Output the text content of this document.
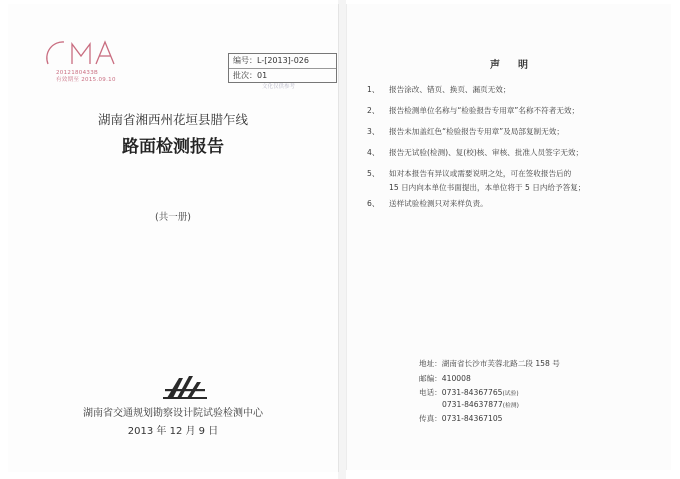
2012180433B
有效期至 2015.09.10
编号：L-[2013]-026
批次：01
文化仅供参考
湖南省湘西州花垣县腊乍线
路面检测报告
(共一册)
湖南省交通规划勘察设计院试验检测中心
2013 年 12 月 9 日
声明
1、 报告涂改、错页、换页、漏页无效；
2、 报告检测单位名称与“检验报告专用章”名称不符者无效；
3、 报告未加盖红色“检验报告专用章”及局部复制无效；
4、 报告无试验(检测)、复(校)核、审核、批准人员签字无效；
5、 如对本报告有异议或需要说明之处，可在签收报告后的
15 日内向本单位书面提出，本单位将于 5 日内给予答复；
6、 送样试验检测只对来样负责。
地址：湖南省长沙市芙蓉北路二段 158 号
邮编：410008
电话：0731-84367765(试验)
0731-84637877(检测)
传真：0731-84367105
